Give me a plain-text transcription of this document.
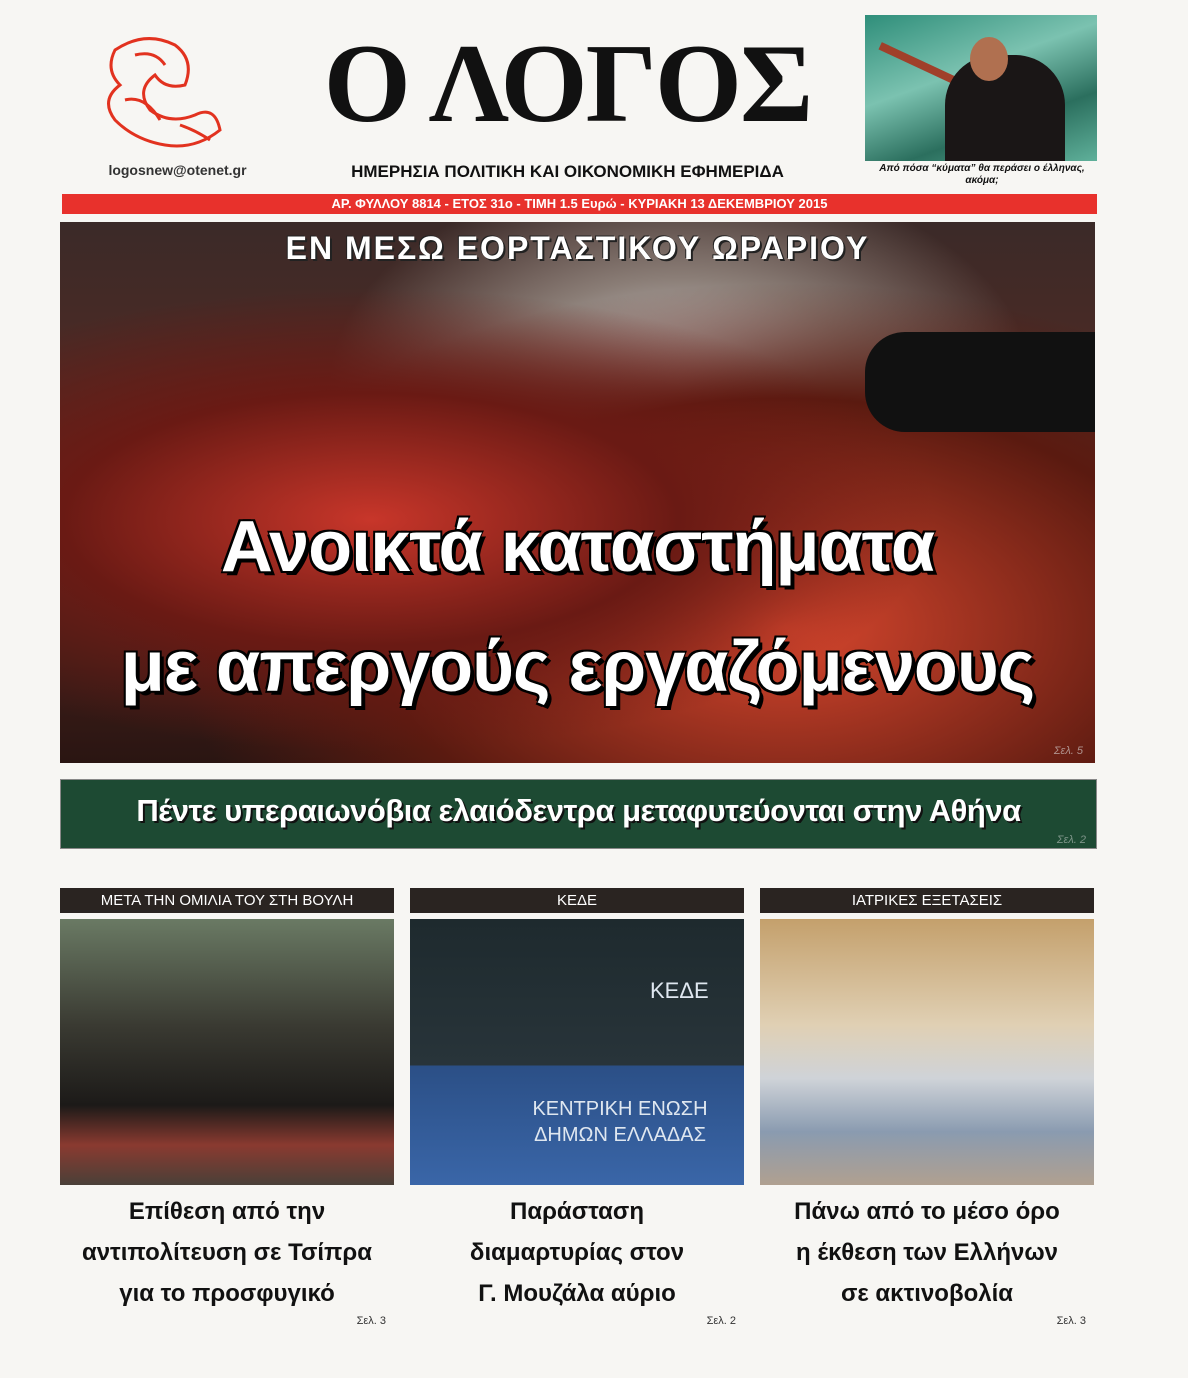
logosnew@otenet.gr
Ο ΛΟΓΟΣ
ΗΜΕΡΗΣΙΑ ΠΟΛΙΤΙΚΗ ΚΑΙ ΟΙΚΟΝΟΜΙΚΗ ΕΦΗΜΕΡΙΔΑ	Από πόσα “κύματα” θα περάσει ο έλληνας, ακόμα;
ΑΡ. ΦΥΛΛΟΥ 8814 - ΕΤΟΣ 31ο - ΤΙΜΗ 1.5 Ευρώ - ΚΥΡΙΑΚΗ 13 ΔΕΚΕΜΒΡΙΟΥ 2015
ΕΝ ΜΕΣΩ ΕΟΡΤΑΣΤΙΚΟΥ ΩΡΑΡΙΟΥ
Ανοικτά καταστήματα
με απεργούς εργαζόμενους
Σελ. 5
Πέντε υπεραιωνόβια ελαιόδεντρα μεταφυτεύονται στην Αθήνα
Σελ. 2
ΜΕΤΑ ΤΗΝ ΟΜΙΛΙΑ ΤΟΥ ΣΤΗ ΒΟΥΛΗ
Επίθεση από την
αντιπολίτευση σε Τσίπρα
για το προσφυγικό
Σελ. 3
ΚΕΔΕ
ΚΕΔΕ
ΚΕΝΤΡΙΚΗ ΕΝΩΣΗ
ΔΗΜΩΝ ΕΛΛΑΔΑΣ
Παράσταση
διαμαρτυρίας στον
Γ. Μουζάλα αύριο
Σελ. 2
ΙΑΤΡΙΚΕΣ ΕΞΕΤΑΣΕΙΣ
Πάνω από το μέσο όρο
η έκθεση των Ελλήνων
σε ακτινοβολία
Σελ. 3
